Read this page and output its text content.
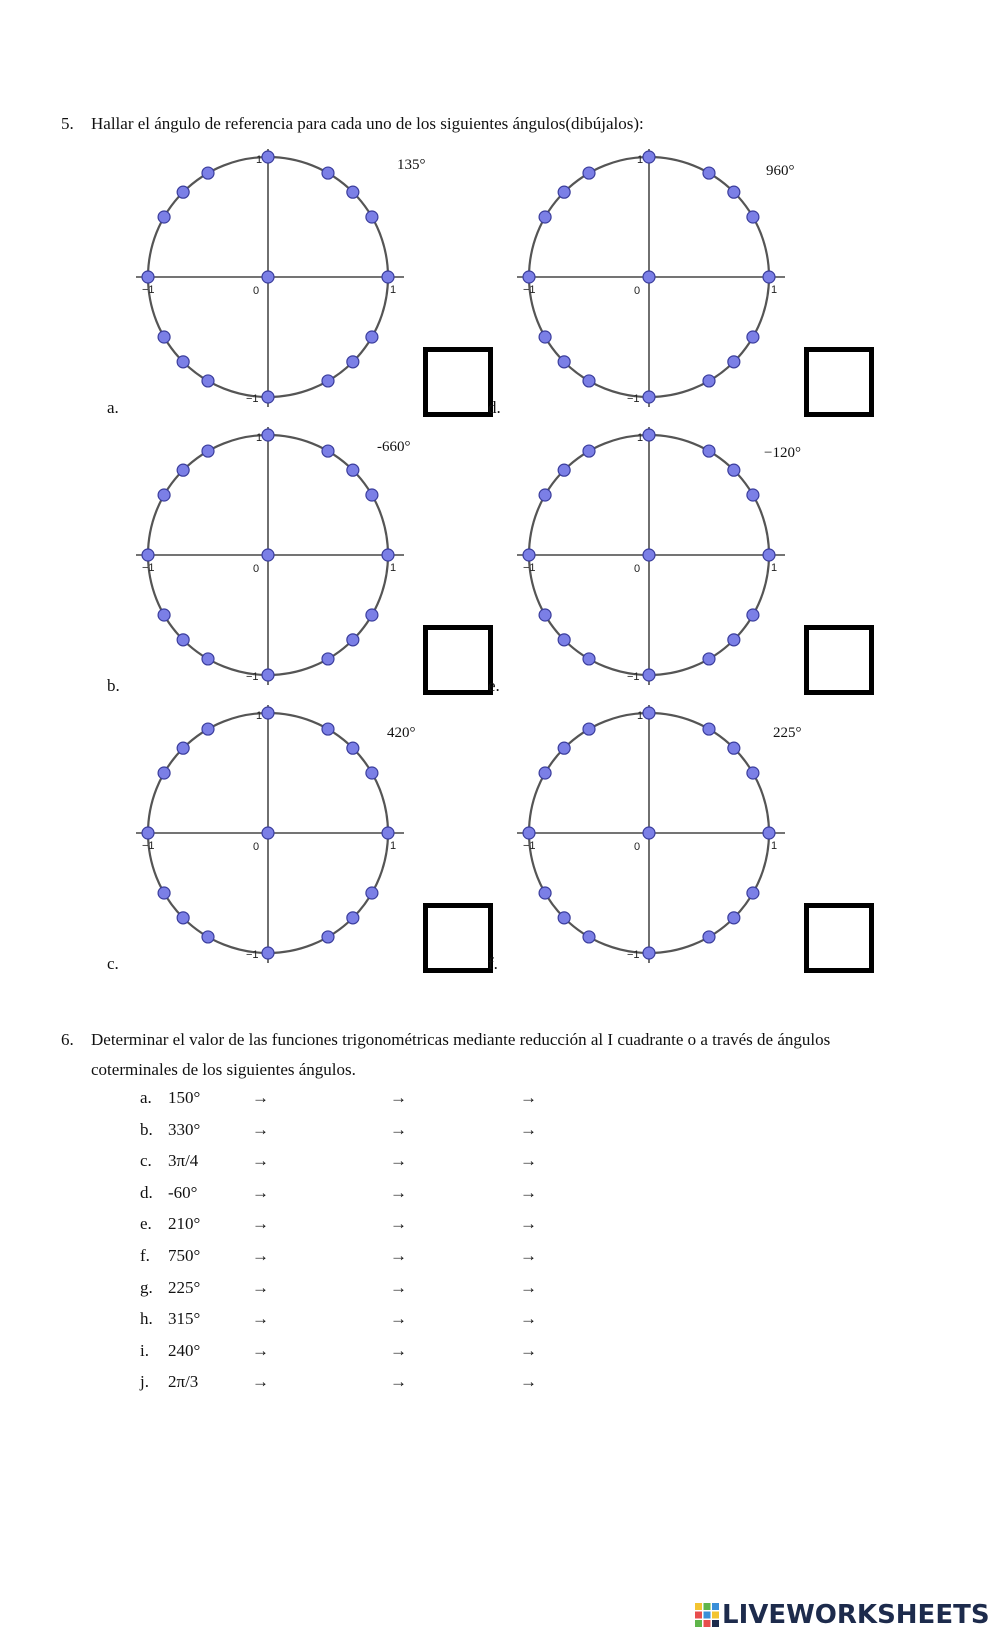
5. Hallar el ángulo de referencia para cada uno de los siguientes ángulos(dibújalos):
1
−1
−1	1
0
135°
a.
1
−1
−1	1
0
960°
d.
1
−1
−1	1
0
-660°
b.
1
−1
−1	1
0
−120°
e.
1
−1
−1	1
0
420°
c.
1
−1
−1	1
0
225°
f.
6. Determinar el valor de las funciones trigonométricas mediante reducción al I cuadrante o a través de ángulos
coterminales de los siguientes ángulos.
a. 150°	→	→	→
b. 330°	→	→	→
c. 3π/4	→	→	→
d. -60°	→	→	→
e. 210°	→	→	→
f. 750°	→	→	→
g. 225°	→	→	→
h. 315°	→	→	→
i. 240°	→	→	→
j. 2π/3	→	→	→
LIVEWORKSHEETS
